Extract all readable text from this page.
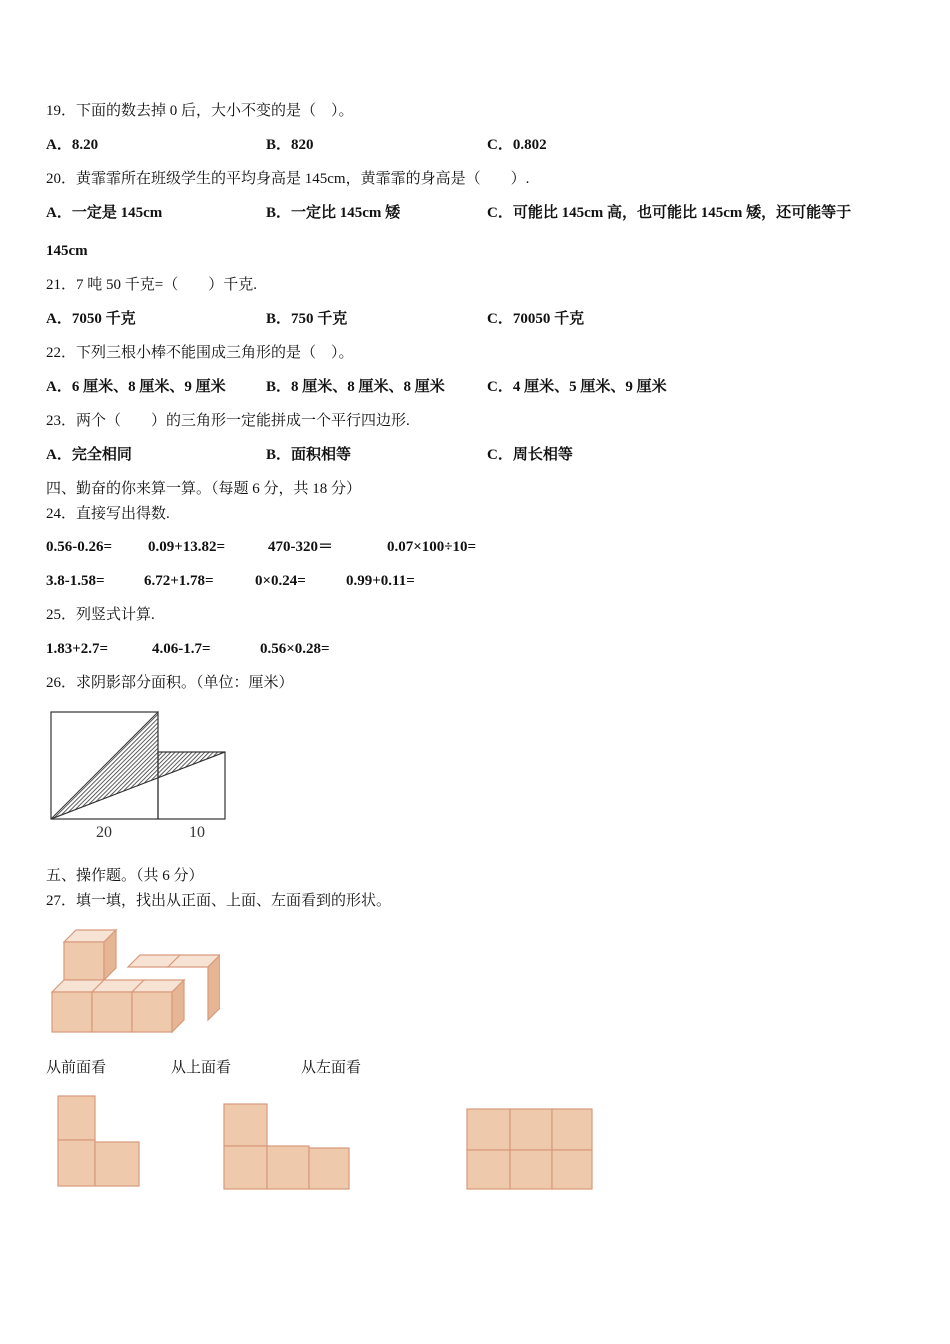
19．下面的数去掉 0 后，大小不变的是（　）。
A．8.20	B．820	C．0.802
20．黄霏霏所在班级学生的平均身高是 145cm，黄霏霏的身高是（　　）.
A．一定是 145cm	B．一定比 145cm 矮	C．可能比 145cm 高，也可能比 145cm 矮，还可能等于
145cm
21．7 吨 50 千克=（　　）千克.
A．7050 千克	B．750 千克	C．70050 千克
22．下列三根小棒不能围成三角形的是（　）。
A．6 厘米、8 厘米、9 厘米	B．8 厘米、8 厘米、8 厘米	C．4 厘米、5 厘米、9 厘米
23．两个（　　）的三角形一定能拼成一个平行四边形.
A．完全相同	B．面积相等	C．周长相等
四、勤奋的你来算一算。（每题 6 分，共 18 分）
24．直接写出得数.
0.56-0.26= 0.09+13.82=	470-320＝	0.07×100÷10=
3.8-1.58=	6.72+1.78=	0×0.24=	0.99+0.11=
25．列竖式计算.
1.83+2.7=	4.06-1.7=	0.56×0.28=
26．求阴影部分面积。（单位：厘米）
20	10
五、操作题。（共 6 分）
27．填一填，找出从正面、上面、左面看到的形状。
从前面看	从上面看	从左面看
